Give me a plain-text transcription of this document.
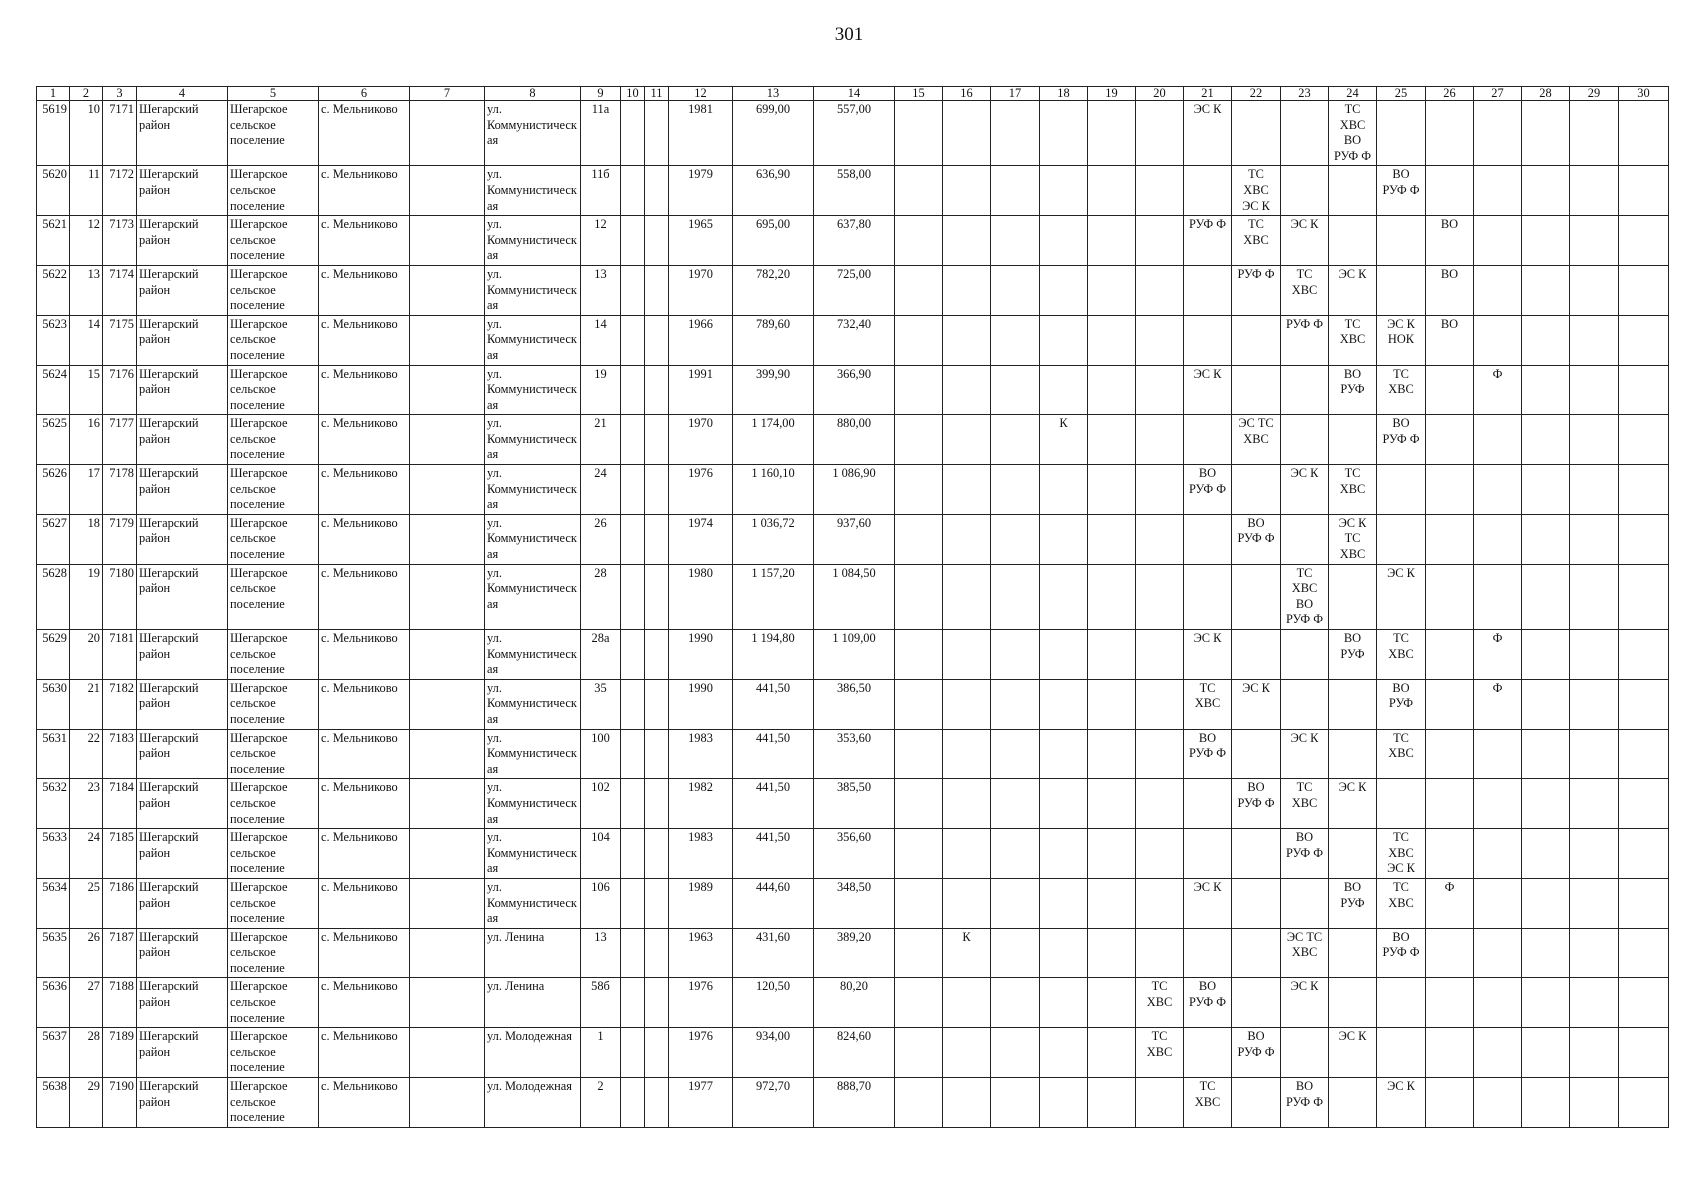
301
1	2	3	4	5	6	7	8	9	10	11	12	13	14	15	16	17	18	19	20	21	22	23	24	25	26	27	28	29	30
5619	10	7171	Шегарский район	Шегарское сельское поселение	с. Мельниково		ул. Коммунистическая	11а			1981	699,00	557,00							ЭС К			ТС
ХВС
ВО
РУФ Ф						

5620	11	7172	Шегарский район	Шегарское сельское поселение	с. Мельниково		ул. Коммунистическая	11б			1979	636,90	558,00								ТС
ХВС
ЭС К			ВО
РУФ Ф					

5621	12	7173	Шегарский район	Шегарское сельское поселение	с. Мельниково		ул. Коммунистическая	12			1965	695,00	637,80							РУФ Ф	ТС
ХВС	ЭС К			ВО				

5622	13	7174	Шегарский район	Шегарское сельское поселение	с. Мельниково		ул. Коммунистическая	13			1970	782,20	725,00								РУФ Ф	ТС
ХВС	ЭС К		ВО				

5623	14	7175	Шегарский район	Шегарское сельское поселение	с. Мельниково		ул. Коммунистическая	14			1966	789,60	732,40									РУФ Ф	ТС
ХВС	ЭС К
НОК	ВО				

5624	15	7176	Шегарский район	Шегарское сельское поселение	с. Мельниково		ул. Коммунистическая	19			1991	399,90	366,90							ЭС К			ВО
РУФ	ТС
ХВС		Ф			

5625	16	7177	Шегарский район	Шегарское сельское поселение	с. Мельниково		ул. Коммунистическая	21			1970	1 174,00	880,00				К				ЭС ТС
ХВС			ВО
РУФ Ф					

5626	17	7178	Шегарский район	Шегарское сельское поселение	с. Мельниково		ул. Коммунистическая	24			1976	1 160,10	1 086,90							ВО
РУФ Ф		ЭС К	ТС
ХВС						

5627	18	7179	Шегарский район	Шегарское сельское поселение	с. Мельниково		ул. Коммунистическая	26			1974	1 036,72	937,60								ВО
РУФ Ф		ЭС К
ТС
ХВС						

5628	19	7180	Шегарский район	Шегарское сельское поселение	с. Мельниково		ул. Коммунистическая	28			1980	1 157,20	1 084,50									ТС
ХВС
ВО
РУФ Ф		ЭС К					

5629	20	7181	Шегарский район	Шегарское сельское поселение	с. Мельниково		ул. Коммунистическая	28а			1990	1 194,80	1 109,00							ЭС К			ВО
РУФ	ТС
ХВС		Ф			

5630	21	7182	Шегарский район	Шегарское сельское поселение	с. Мельниково		ул. Коммунистическая	35			1990	441,50	386,50							ТС
ХВС	ЭС К			ВО
РУФ		Ф			

5631	22	7183	Шегарский район	Шегарское сельское поселение	с. Мельниково		ул. Коммунистическая	100			1983	441,50	353,60							ВО
РУФ Ф		ЭС К		ТС
ХВС					

5632	23	7184	Шегарский район	Шегарское сельское поселение	с. Мельниково		ул. Коммунистическая	102			1982	441,50	385,50								ВО
РУФ Ф	ТС
ХВС	ЭС К						

5633	24	7185	Шегарский район	Шегарское сельское поселение	с. Мельниково		ул. Коммунистическая	104			1983	441,50	356,60									ВО
РУФ Ф		ТС
ХВС
ЭС К					

5634	25	7186	Шегарский район	Шегарское сельское поселение	с. Мельниково		ул. Коммунистическая	106			1989	444,60	348,50							ЭС К			ВО
РУФ	ТС
ХВС	Ф				

5635	26	7187	Шегарский район	Шегарское сельское поселение	с. Мельниково		ул. Ленина	13			1963	431,60	389,20		К							ЭС ТС
ХВС		ВО
РУФ Ф					

5636	27	7188	Шегарский район	Шегарское сельское поселение	с. Мельниково		ул. Ленина	58б			1976	120,50	80,20						ТС
ХВС	ВО
РУФ Ф		ЭС К							

5637	28	7189	Шегарский район	Шегарское сельское поселение	с. Мельниково		ул. Молодежная	1			1976	934,00	824,60						ТС
ХВС		ВО
РУФ Ф		ЭС К						

5638	29	7190	Шегарский район	Шегарское сельское поселение	с. Мельниково		ул. Молодежная	2			1977	972,70	888,70							ТС
ХВС		ВО
РУФ Ф		ЭС К					
